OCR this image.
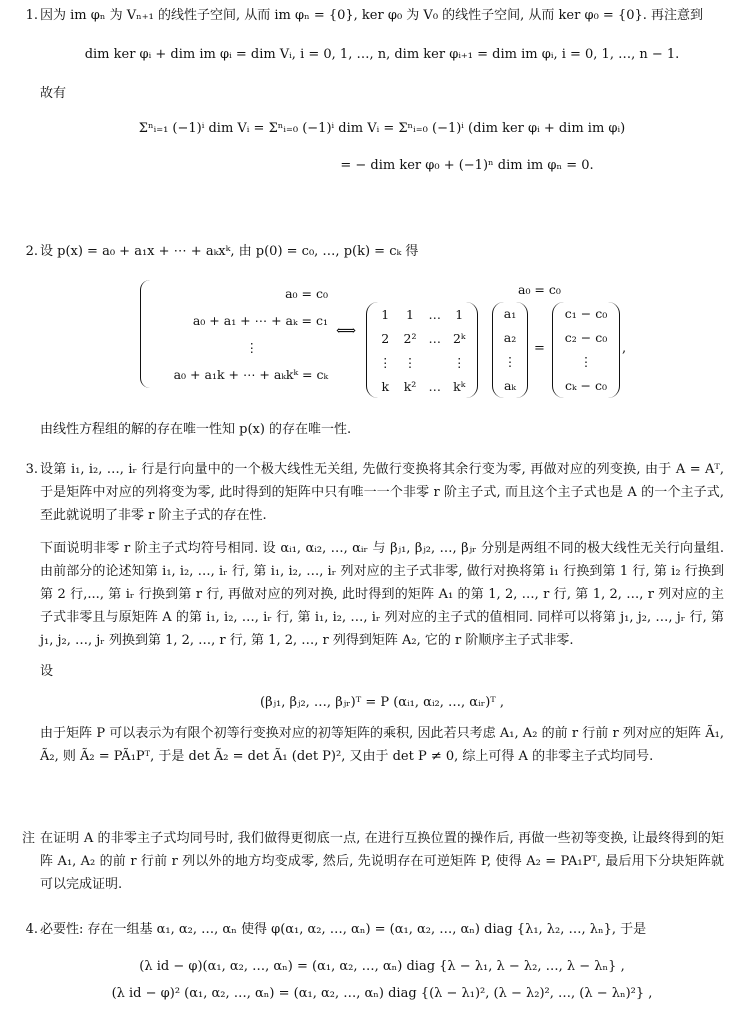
1. 因为 im φₙ 为 Vₙ₊₁ 的线性子空间, 从而 im φₙ = {0}, ker φ₀ 为 V₀ 的线性子空间, 从而 ker φ₀ = {0}. 再注意到

dim ker φᵢ + dim im φᵢ = dim Vᵢ, i = 0, 1, …, n, dim ker φᵢ₊₁ = dim im φᵢ, i = 0, 1, …, n − 1.

故有

Σⁿᵢ₌₁ (−1)ⁱ dim Vᵢ = Σⁿᵢ₌₀ (−1)ⁱ dim Vᵢ = Σⁿᵢ₌₀ (−1)ⁱ (dim ker φᵢ + dim im φᵢ)

= − dim ker φ₀ + (−1)ⁿ dim im φₙ = 0.

2. 设 p(x) = a₀ + a₁x + ⋯ + aₖxᵏ, 由 p(0) = c₀, …, p(k) = cₖ 得

a₀ = c₀
a₀ + a₁ + ⋯ + aₖ = c₁
⋮
a₀ + a₁k + ⋯ + aₖkᵏ = cₖ
⟺
a₀ = c₀
1	1	…	1
2	2²	…	2ᵏ
⋮	⋮		⋮
k	k²	…	kᵏ
a₁
a₂
⋮
aₖ
=
c₁ − c₀
c₂ − c₀
⋮
cₖ − c₀
,

由线性方程组的解的存在唯一性知 p(x) 的存在唯一性.

3. 设第 i₁, i₂, …, iᵣ 行是行向量中的一个极大线性无关组, 先做行变换将其余行变为零, 再做对应的列变换, 由于 A = Aᵀ, 于是矩阵中对应的列将变为零, 此时得到的矩阵中只有唯一一个非零 r 阶主子式, 而且这个主子式也是 A 的一个主子式, 至此就说明了非零 r 阶主子式的存在性.

下面说明非零 r 阶主子式均符号相同. 设 αᵢ₁, αᵢ₂, …, αᵢᵣ 与 βⱼ₁, βⱼ₂, …, βⱼᵣ 分别是两组不同的极大线性无关行向量组. 由前部分的论述知第 i₁, i₂, …, iᵣ 行, 第 i₁, i₂, …, iᵣ 列对应的主子式非零, 做行对换将第 i₁ 行换到第 1 行, 第 i₂ 行换到第 2 行,..., 第 iᵣ 行换到第 r 行, 再做对应的列对换, 此时得到的矩阵 A₁ 的第 1, 2, …, r 行, 第 1, 2, …, r 列对应的主子式非零且与原矩阵 A 的第 i₁, i₂, …, iᵣ 行, 第 i₁, i₂, …, iᵣ 列对应的主子式的值相同. 同样可以将第 j₁, j₂, …, jᵣ 行, 第 j₁, j₂, …, jᵣ 列换到第 1, 2, …, r 行, 第 1, 2, …, r 列得到矩阵 A₂, 它的 r 阶顺序主子式非零.

设

(βⱼ₁, βⱼ₂, …, βⱼᵣ)ᵀ = P (αᵢ₁, αᵢ₂, …, αᵢᵣ)ᵀ ,

由于矩阵 P 可以表示为有限个初等行变换对应的初等矩阵的乘积, 因此若只考虑 A₁, A₂ 的前 r 行前 r 列对应的矩阵 Ã₁, Ã₂, 则 Ã₂ = PÃ₁Pᵀ, 于是 det Ã₂ = det Ã₁ (det P)², 又由于 det P ≠ 0, 综上可得 A 的非零主子式均同号.

注 在证明 A 的非零主子式均同号时, 我们做得更彻底一点, 在进行互换位置的操作后, 再做一些初等变换, 让最终得到的矩阵 A₁, A₂ 的前 r 行前 r 列以外的地方均变成零, 然后, 先说明存在可逆矩阵 P, 使得 A₂ = PA₁Pᵀ, 最后用下分块矩阵就可以完成证明.

4. 必要性: 存在一组基 α₁, α₂, …, αₙ 使得 φ(α₁, α₂, …, αₙ) = (α₁, α₂, …, αₙ) diag {λ₁, λ₂, …, λₙ}, 于是

(λ id − φ)(α₁, α₂, …, αₙ) = (α₁, α₂, …, αₙ) diag {λ − λ₁, λ − λ₂, …, λ − λₙ} ,

(λ id − φ)² (α₁, α₂, …, αₙ) = (α₁, α₂, …, αₙ) diag {(λ − λ₁)², (λ − λ₂)², …, (λ − λₙ)²} ,
